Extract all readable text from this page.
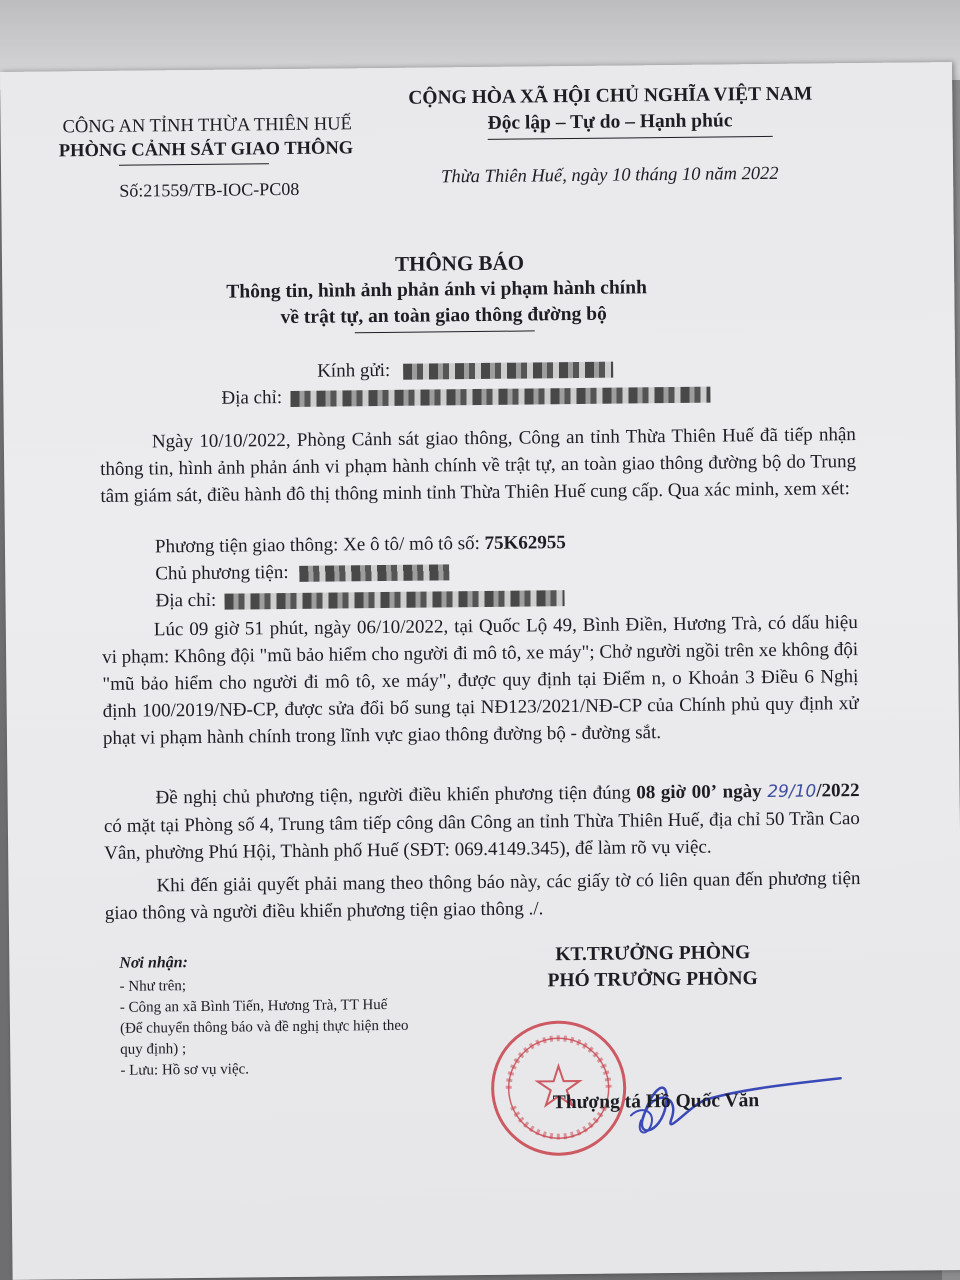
CÔNG AN TỈNH THỪA THIÊN HUẾ
PHÒNG CẢNH SÁT GIAO THÔNG
CỘNG HÒA XÃ HỘI CHỦ NGHĨA VIỆT NAM
Độc lập – Tự do – Hạnh phúc
Số:21559/TB-IOC-PC08
Thừa Thiên Huế, ngày 10 tháng 10 năm 2022
THÔNG BÁO
Thông tin, hình ảnh phản ánh vi phạm hành chính
về trật tự, an toàn giao thông đường bộ
Kính gửi:
Địa chỉ:
Ngày 10/10/2022, Phòng Cảnh sát giao thông, Công an tỉnh Thừa Thiên Huế đã tiếp nhận thông tin, hình ảnh phản ánh vi phạm hành chính về trật tự, an toàn giao thông đường bộ do Trung tâm giám sát, điều hành đô thị thông minh tỉnh Thừa Thiên Huế cung cấp. Qua xác minh, xem xét:
Phương tiện giao thông: Xe ô tô/ mô tô số: 75K62955
Chủ phương tiện:
Địa chỉ:
Lúc 09 giờ 51 phút, ngày 06/10/2022, tại Quốc Lộ 49, Bình Điền, Hương Trà, có dấu hiệu vi phạm: Không đội "mũ bảo hiểm cho người đi mô tô, xe máy"; Chở người ngồi trên xe không đội "mũ bảo hiểm cho người đi mô tô, xe máy", được quy định tại Điểm n, o Khoản 3 Điều 6 Nghị định 100/2019/NĐ-CP, được sửa đổi bổ sung tại NĐ123/2021/NĐ-CP của Chính phủ quy định xử phạt vi phạm hành chính trong lĩnh vực giao thông đường bộ - đường sắt.
Đề nghị chủ phương tiện, người điều khiển phương tiện đúng 08 giờ 00’ ngày 29/10/2022 có mặt tại Phòng số 4, Trung tâm tiếp công dân Công an tỉnh Thừa Thiên Huế, địa chỉ 50 Trần Cao Vân, phường Phú Hội, Thành phố Huế (SĐT: 069.4149.345), để làm rõ vụ việc.
Khi đến giải quyết phải mang theo thông báo này, các giấy tờ có liên quan đến phương tiện giao thông và người điều khiển phương tiện giao thông ./.
Nơi nhận:
- Như trên;
- Công an xã Bình Tiến, Hương Trà, TT Huế
(Để chuyển thông báo và đề nghị thực hiện theo
quy định) ;
- Lưu: Hồ sơ vụ việc.
KT.TRƯỞNG PHÒNG
PHÓ TRƯỞNG PHÒNG
Thượng tá Hồ Quốc Văn
